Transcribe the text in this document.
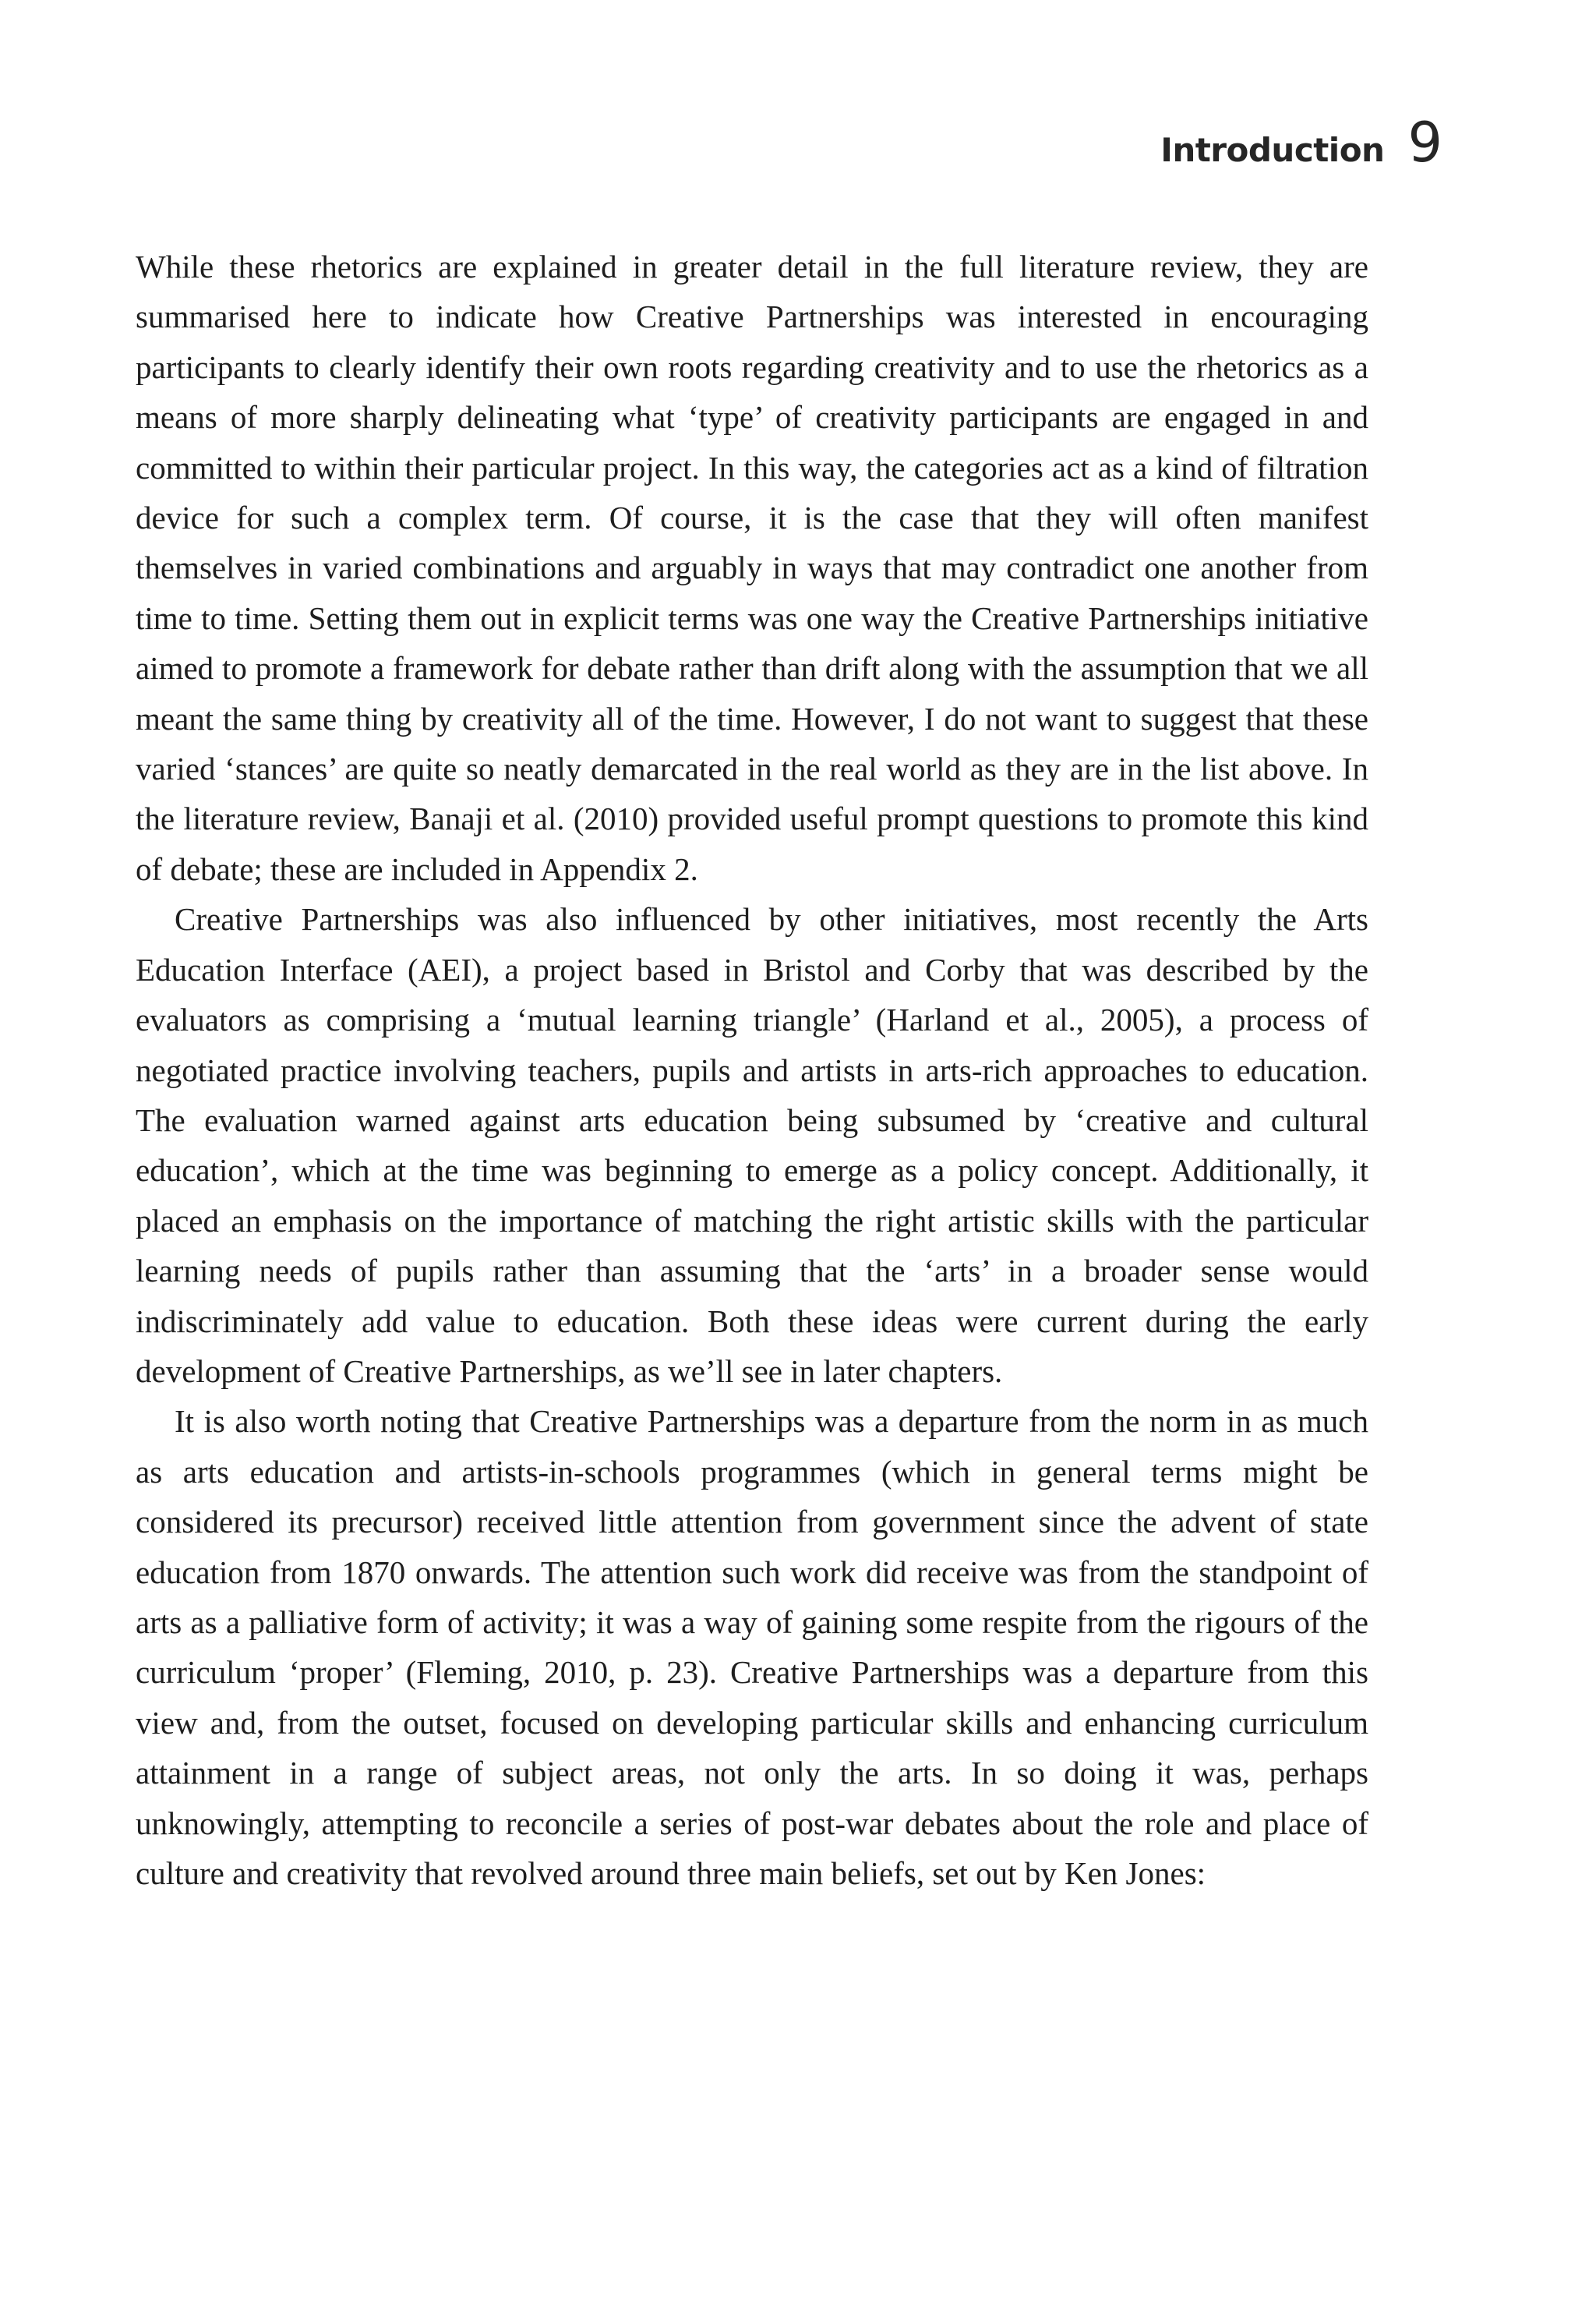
Introduction 9

While these rhetorics are explained in greater detail in the full literature review, they are summarised here to indicate how Creative Partnerships was interested in encouraging participants to clearly identify their own roots regarding creativity and to use the rhetorics as a means of more sharply delineating what ‘type’ of creativity participants are engaged in and committed to within their particular project. In this way, the categories act as a kind of filtration device for such a complex term. Of course, it is the case that they will often manifest themselves in varied combinations and arguably in ways that may contradict one another from time to time. Setting them out in explicit terms was one way the Creative Partnerships initiative aimed to promote a framework for debate rather than drift along with the assumption that we all meant the same thing by creativity all of the time. However, I do not want to suggest that these varied ‘stances’ are quite so neatly demarcated in the real world as they are in the list above. In the literature review, Banaji et al. (2010) provided useful prompt questions to promote this kind of debate; these are included in Appendix 2.

Creative Partnerships was also influenced by other initiatives, most recently the Arts Education Interface (AEI), a project based in Bristol and Corby that was described by the evaluators as comprising a ‘mutual learning triangle’ (Harland et al., 2005), a process of negotiated practice involving teachers, pupils and artists in arts-rich approaches to education. The evaluation warned against arts education being subsumed by ‘creative and cultural education’, which at the time was beginning to emerge as a policy concept. Additionally, it placed an emphasis on the importance of matching the right artistic skills with the particular learning needs of pupils rather than assuming that the ‘arts’ in a broader sense would indiscriminately add value to education. Both these ideas were current during the early development of Creative Partnerships, as we’ll see in later chapters.

It is also worth noting that Creative Partnerships was a departure from the norm in as much as arts education and artists-in-schools programmes (which in general terms might be considered its precursor) received little attention from government since the advent of state education from 1870 onwards. The attention such work did receive was from the standpoint of arts as a palliative form of activity; it was a way of gaining some respite from the rigours of the curriculum ‘proper’ (Fleming, 2010, p. 23). Creative Partnerships was a departure from this view and, from the outset, focused on developing particular skills and enhancing curriculum attainment in a range of subject areas, not only the arts. In so doing it was, perhaps unknowingly, attempting to reconcile a series of post-war debates about the role and place of culture and creativity that revolved around three main beliefs, set out by Ken Jones:
